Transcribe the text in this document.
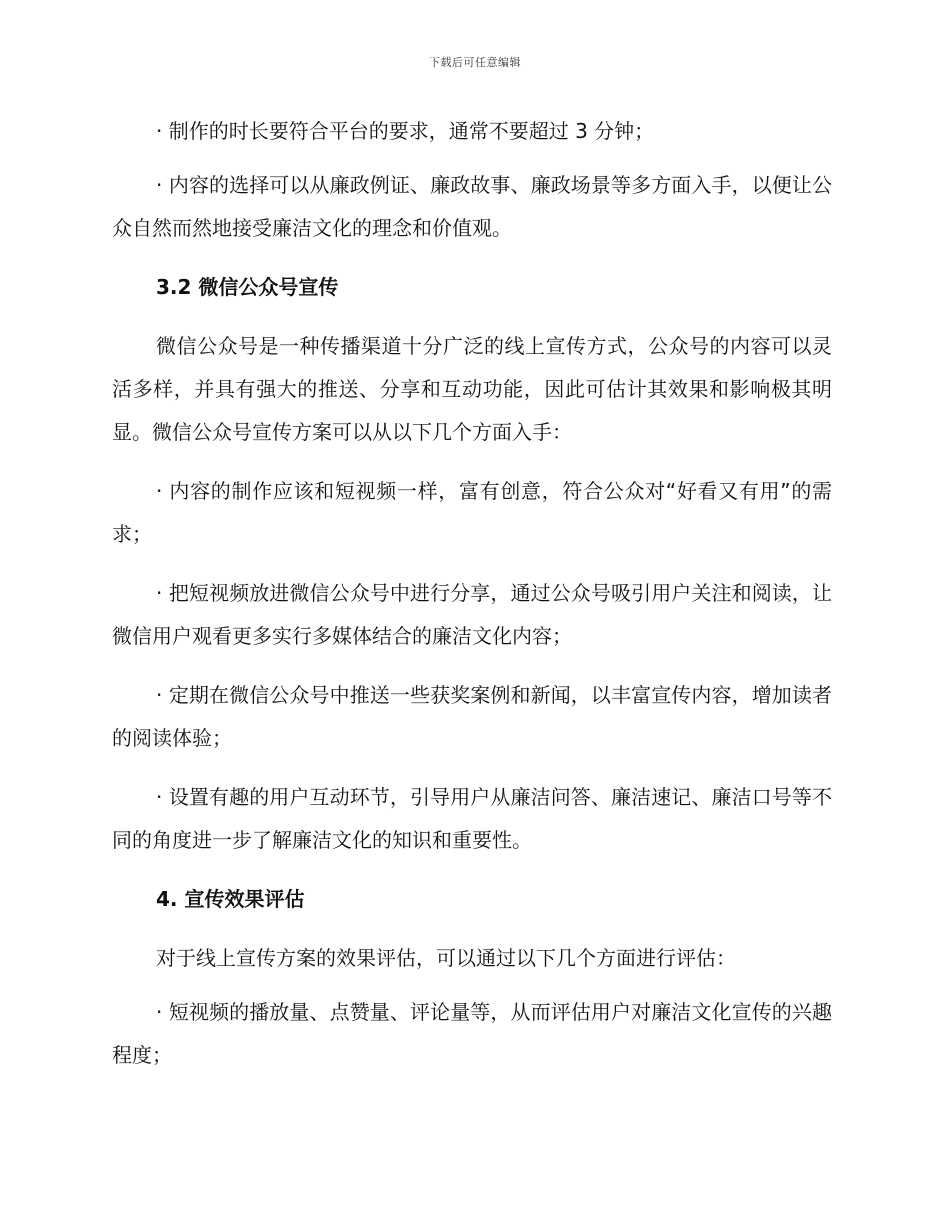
下载后可任意编辑

· 制作的时长要符合平台的要求，通常不要超过 3 分钟；

· 内容的选择可以从廉政例证、廉政故事、廉政场景等多方面入手，以便让公众自然而然地接受廉洁文化的理念和价值观。

3.2 微信公众号宣传

微信公众号是一种传播渠道十分广泛的线上宣传方式，公众号的内容可以灵活多样，并具有强大的推送、分享和互动功能，因此可估计其效果和影响极其明显。微信公众号宣传方案可以从以下几个方面入手：

· 内容的制作应该和短视频一样，富有创意，符合公众对“好看又有用”的需求；

· 把短视频放进微信公众号中进行分享，通过公众号吸引用户关注和阅读，让微信用户观看更多实行多媒体结合的廉洁文化内容；

· 定期在微信公众号中推送一些获奖案例和新闻，以丰富宣传内容，增加读者的阅读体验；

· 设置有趣的用户互动环节，引导用户从廉洁问答、廉洁速记、廉洁口号等不同的角度进一步了解廉洁文化的知识和重要性。

4. 宣传效果评估

对于线上宣传方案的效果评估，可以通过以下几个方面进行评估：

· 短视频的播放量、点赞量、评论量等，从而评估用户对廉洁文化宣传的兴趣程度；
